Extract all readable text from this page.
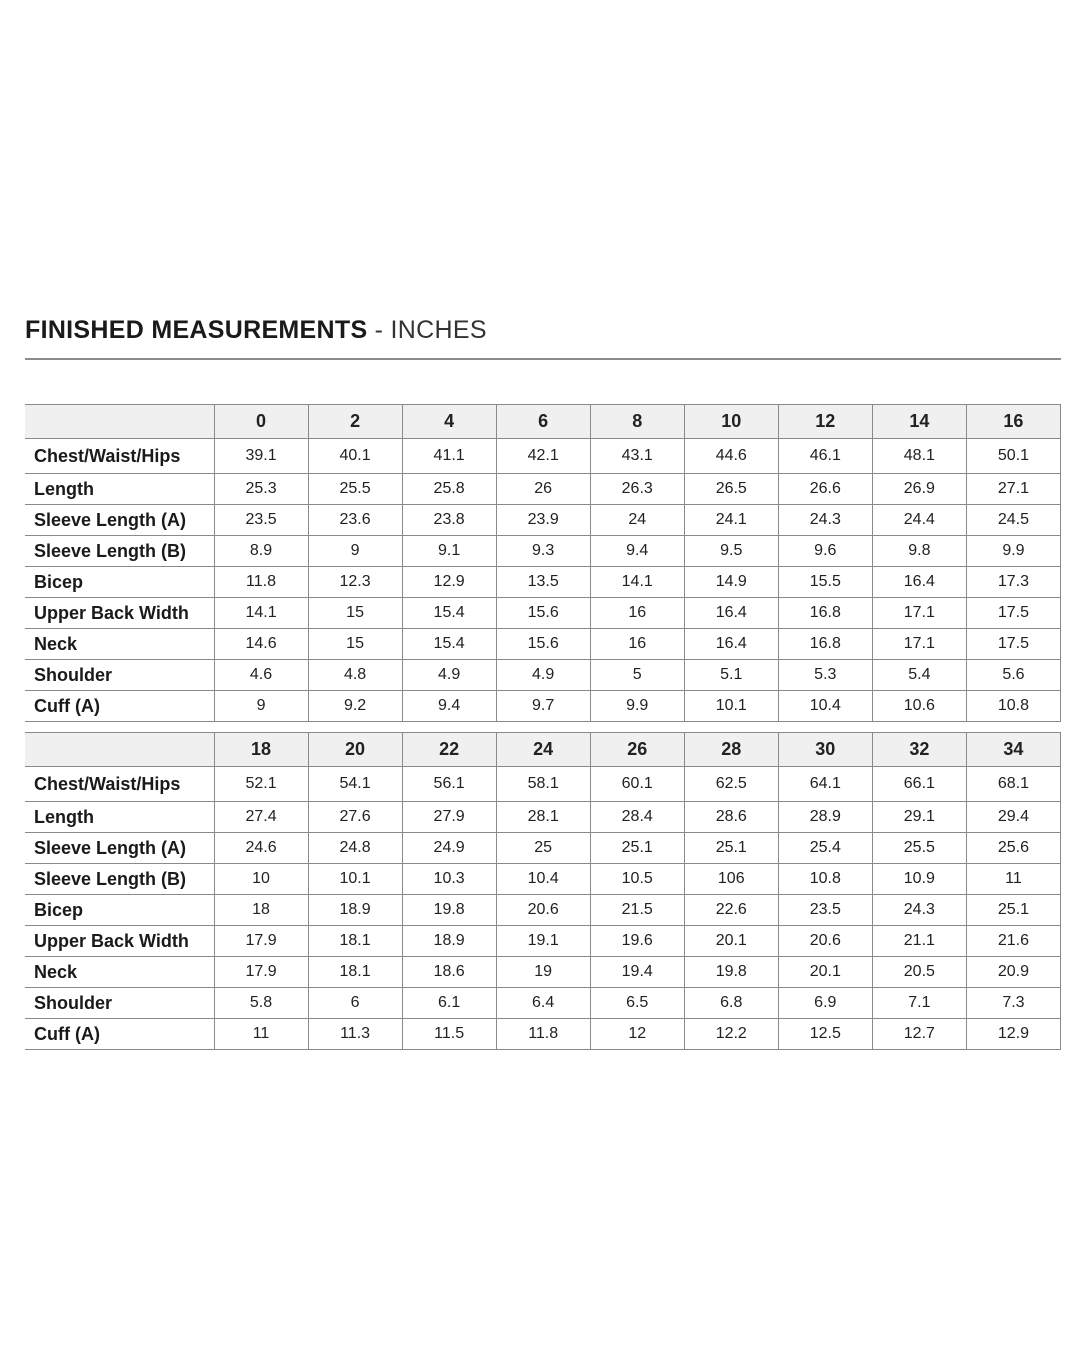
FINISHED MEASUREMENTS - INCHES
	0	2	4	6	8	10	12	14	16
Chest/Waist/Hips	39.1	40.1	41.1	42.1	43.1	44.6	46.1	48.1	50.1
Length	25.3	25.5	25.8	26	26.3	26.5	26.6	26.9	27.1
Sleeve Length (A)	23.5	23.6	23.8	23.9	24	24.1	24.3	24.4	24.5
Sleeve Length (B)	8.9	9	9.1	9.3	9.4	9.5	9.6	9.8	9.9
Bicep	11.8	12.3	12.9	13.5	14.1	14.9	15.5	16.4	17.3
Upper Back Width	14.1	15	15.4	15.6	16	16.4	16.8	17.1	17.5
Neck	14.6	15	15.4	15.6	16	16.4	16.8	17.1	17.5
Shoulder	4.6	4.8	4.9	4.9	5	5.1	5.3	5.4	5.6
Cuff (A)	9	9.2	9.4	9.7	9.9	10.1	10.4	10.6	10.8
	18	20	22	24	26	28	30	32	34
Chest/Waist/Hips	52.1	54.1	56.1	58.1	60.1	62.5	64.1	66.1	68.1
Length	27.4	27.6	27.9	28.1	28.4	28.6	28.9	29.1	29.4
Sleeve Length (A)	24.6	24.8	24.9	25	25.1	25.1	25.4	25.5	25.6
Sleeve Length (B)	10	10.1	10.3	10.4	10.5	106	10.8	10.9	11
Bicep	18	18.9	19.8	20.6	21.5	22.6	23.5	24.3	25.1
Upper Back Width	17.9	18.1	18.9	19.1	19.6	20.1	20.6	21.1	21.6
Neck	17.9	18.1	18.6	19	19.4	19.8	20.1	20.5	20.9
Shoulder	5.8	6	6.1	6.4	6.5	6.8	6.9	7.1	7.3
Cuff (A)	11	11.3	11.5	11.8	12	12.2	12.5	12.7	12.9
